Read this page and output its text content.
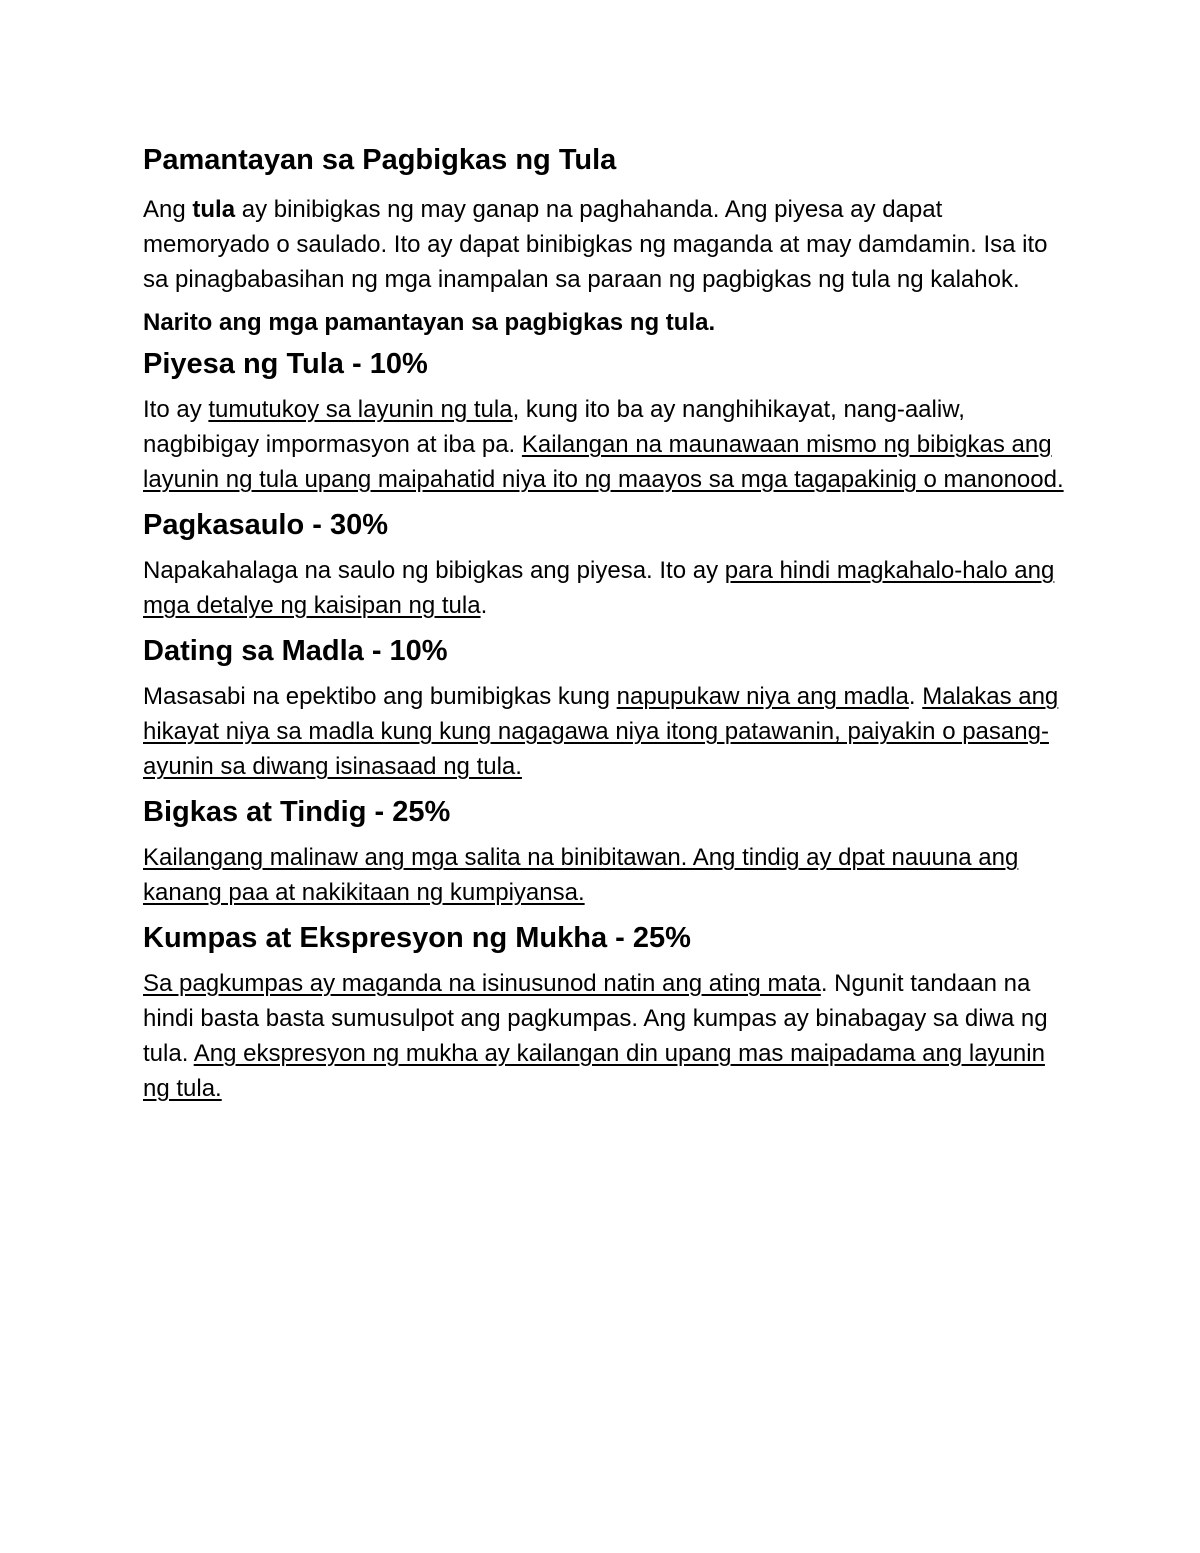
Pamantayan sa Pagbigkas ng Tula

Ang tula ay binibigkas ng may ganap na paghahanda. Ang piyesa ay dapat memoryado o saulado. Ito ay dapat binibigkas ng maganda at may damdamin. Isa ito sa pinagbabasihan ng mga inampalan sa paraan ng pagbigkas ng tula ng kalahok.

Narito ang mga pamantayan sa pagbigkas ng tula.

Piyesa ng Tula - 10%

Ito ay tumutukoy sa layunin ng tula, kung ito ba ay nanghihikayat, nang-aaliw, nagbibigay impormasyon at iba pa. Kailangan na maunawaan mismo ng bibigkas ang layunin ng tula upang maipahatid niya ito ng maayos sa mga tagapakinig o manonood.

Pagkasaulo - 30%

Napakahalaga na saulo ng bibigkas ang piyesa. Ito ay para hindi magkahalo-halo ang mga detalye ng kaisipan ng tula.

Dating sa Madla - 10%

Masasabi na epektibo ang bumibigkas kung napupukaw niya ang madla. Malakas ang hikayat niya sa madla kung kung nagagawa niya itong patawanin, paiyakin o pasang-ayunin sa diwang isinasaad ng tula.

Bigkas at Tindig - 25%

Kailangang malinaw ang mga salita na binibitawan. Ang tindig ay dpat nauuna ang kanang paa at nakikitaan ng kumpiyansa.

Kumpas at Ekspresyon ng Mukha - 25%

Sa pagkumpas ay maganda na isinusunod natin ang ating mata. Ngunit tandaan na hindi basta basta sumusulpot ang pagkumpas. Ang kumpas ay binabagay sa diwa ng tula. Ang ekspresyon ng mukha ay kailangan din upang mas maipadama ang layunin ng tula.
